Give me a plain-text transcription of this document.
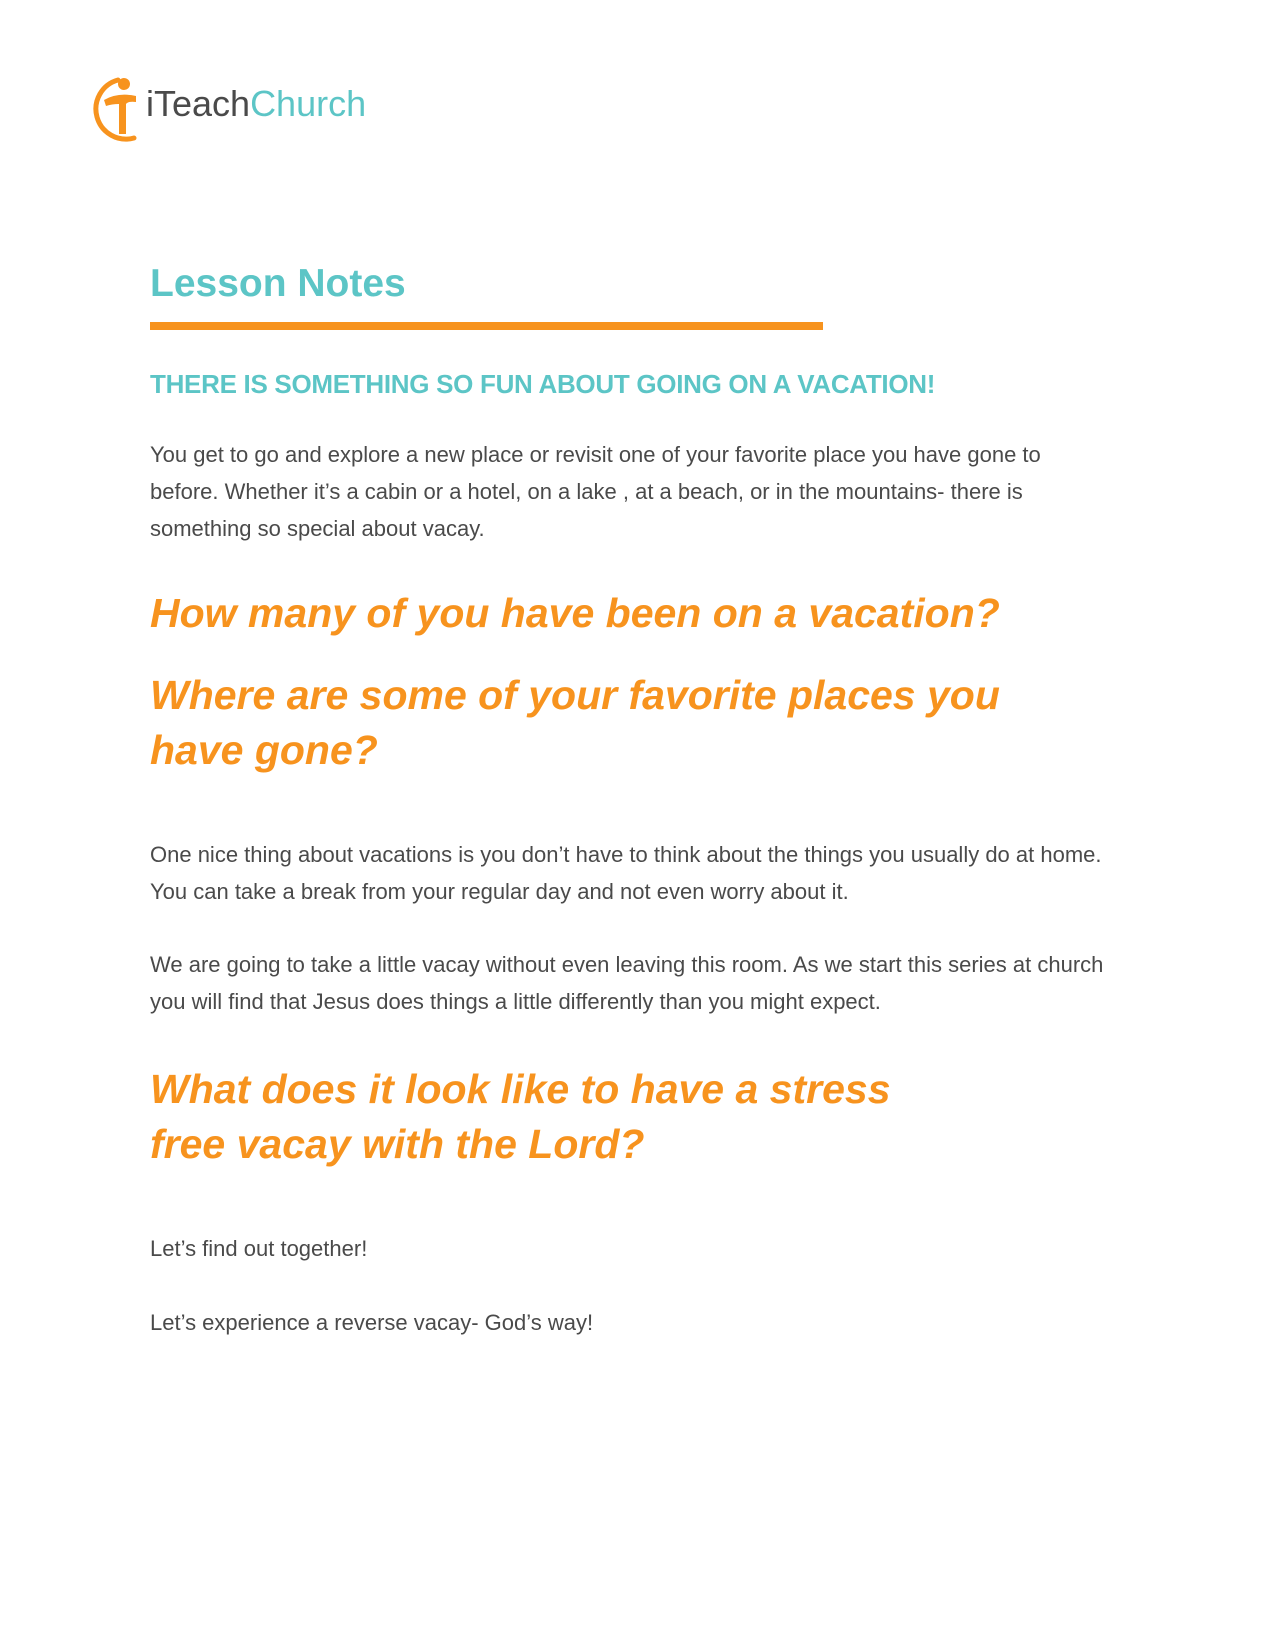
iTeachChurch
Lesson Notes
THERE IS SOMETHING SO FUN ABOUT GOING ON A VACATION!

You get to go and explore a new place or revisit one of your favorite place you have gone to before. Whether it’s a cabin or a hotel, on a lake , at a beach, or in the mountains- there is something so special about vacay.

How many of you have been on a vacation?

Where are some of your favorite places you have gone?

One nice thing about vacations is you don’t have to think about the things you usually do at home. You can take a break from your regular day and not even worry about it.

We are going to take a little vacay without even leaving this room. As we start this series at church you will find that Jesus does things a little differently than you might expect.

What does it look like to have a stress free vacay with the Lord?

Let’s find out together!

Let’s experience a reverse vacay- God’s way!
